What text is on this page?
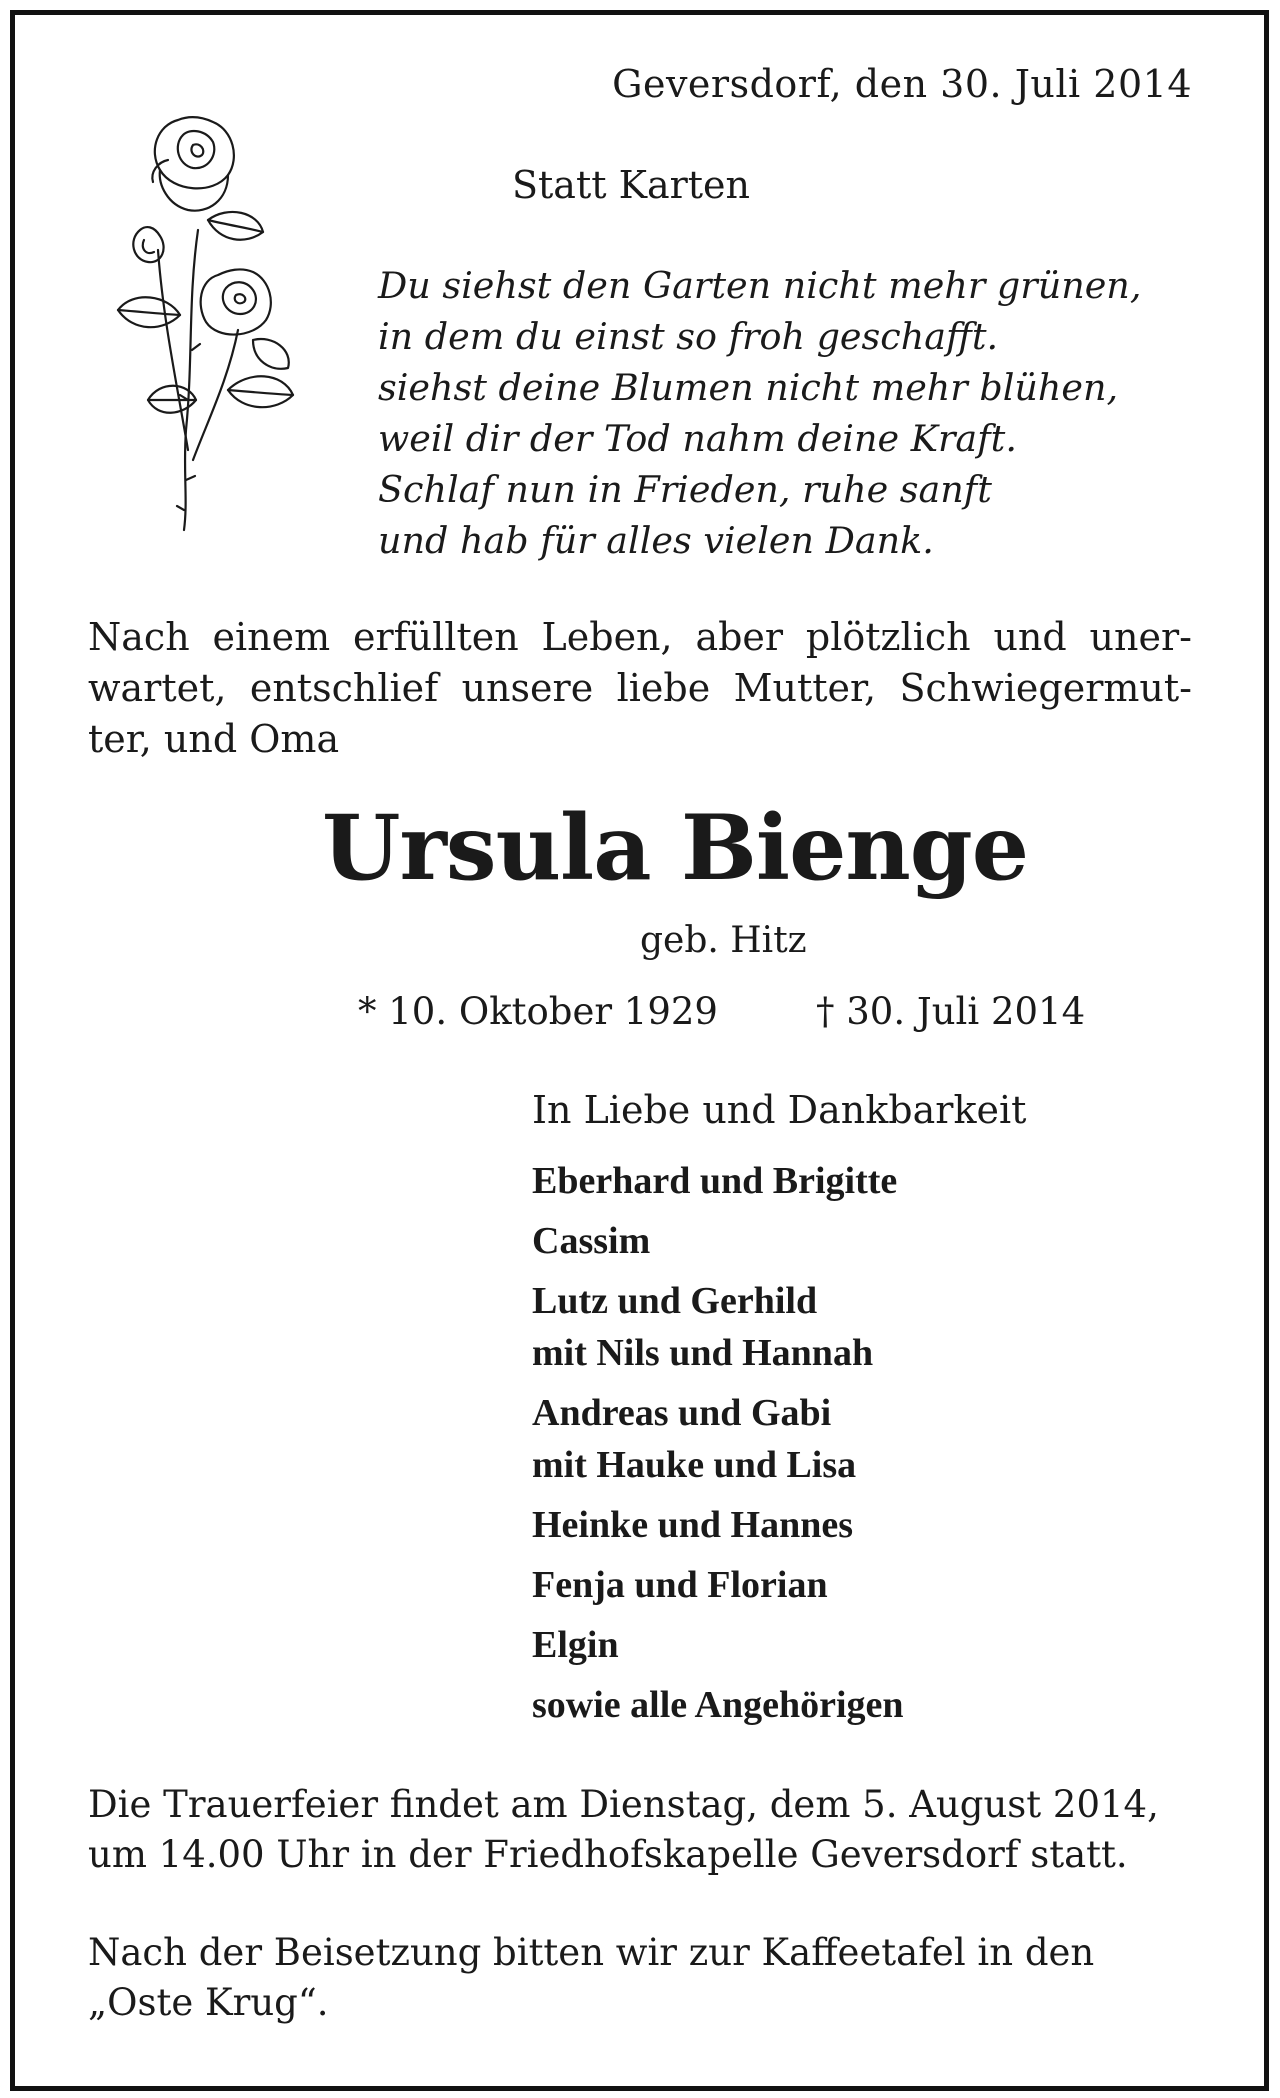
Geversdorf, den 30. Juli 2014
Statt Karten
Du siehst den Garten nicht mehr grünen,
in dem du einst so froh geschafft.
siehst deine Blumen nicht mehr blühen,
weil dir der Tod nahm deine Kraft.
Schlaf nun in Frieden, ruhe sanft
und hab für alles vielen Dank.
Nach einem erfüllten Leben, aber plötzlich und uner-
wartet, entschlief unsere liebe Mutter, Schwiegermut-
ter, und Oma
Ursula Bienge
geb. Hitz
* 10. Oktober 1929	† 30. Juli 2014
In Liebe und Dankbarkeit
Eberhard und Brigitte
Cassim
Lutz und Gerhild
mit Nils und Hannah
Andreas und Gabi
mit Hauke und Lisa
Heinke und Hannes
Fenja und Florian
Elgin
sowie alle Angehörigen
Die Trauerfeier findet am Dienstag, dem 5. August 2014,
um 14.00 Uhr in der Friedhofskapelle Geversdorf statt.
Nach der Beisetzung bitten wir zur Kaffeetafel in den
„Oste Krug“.
